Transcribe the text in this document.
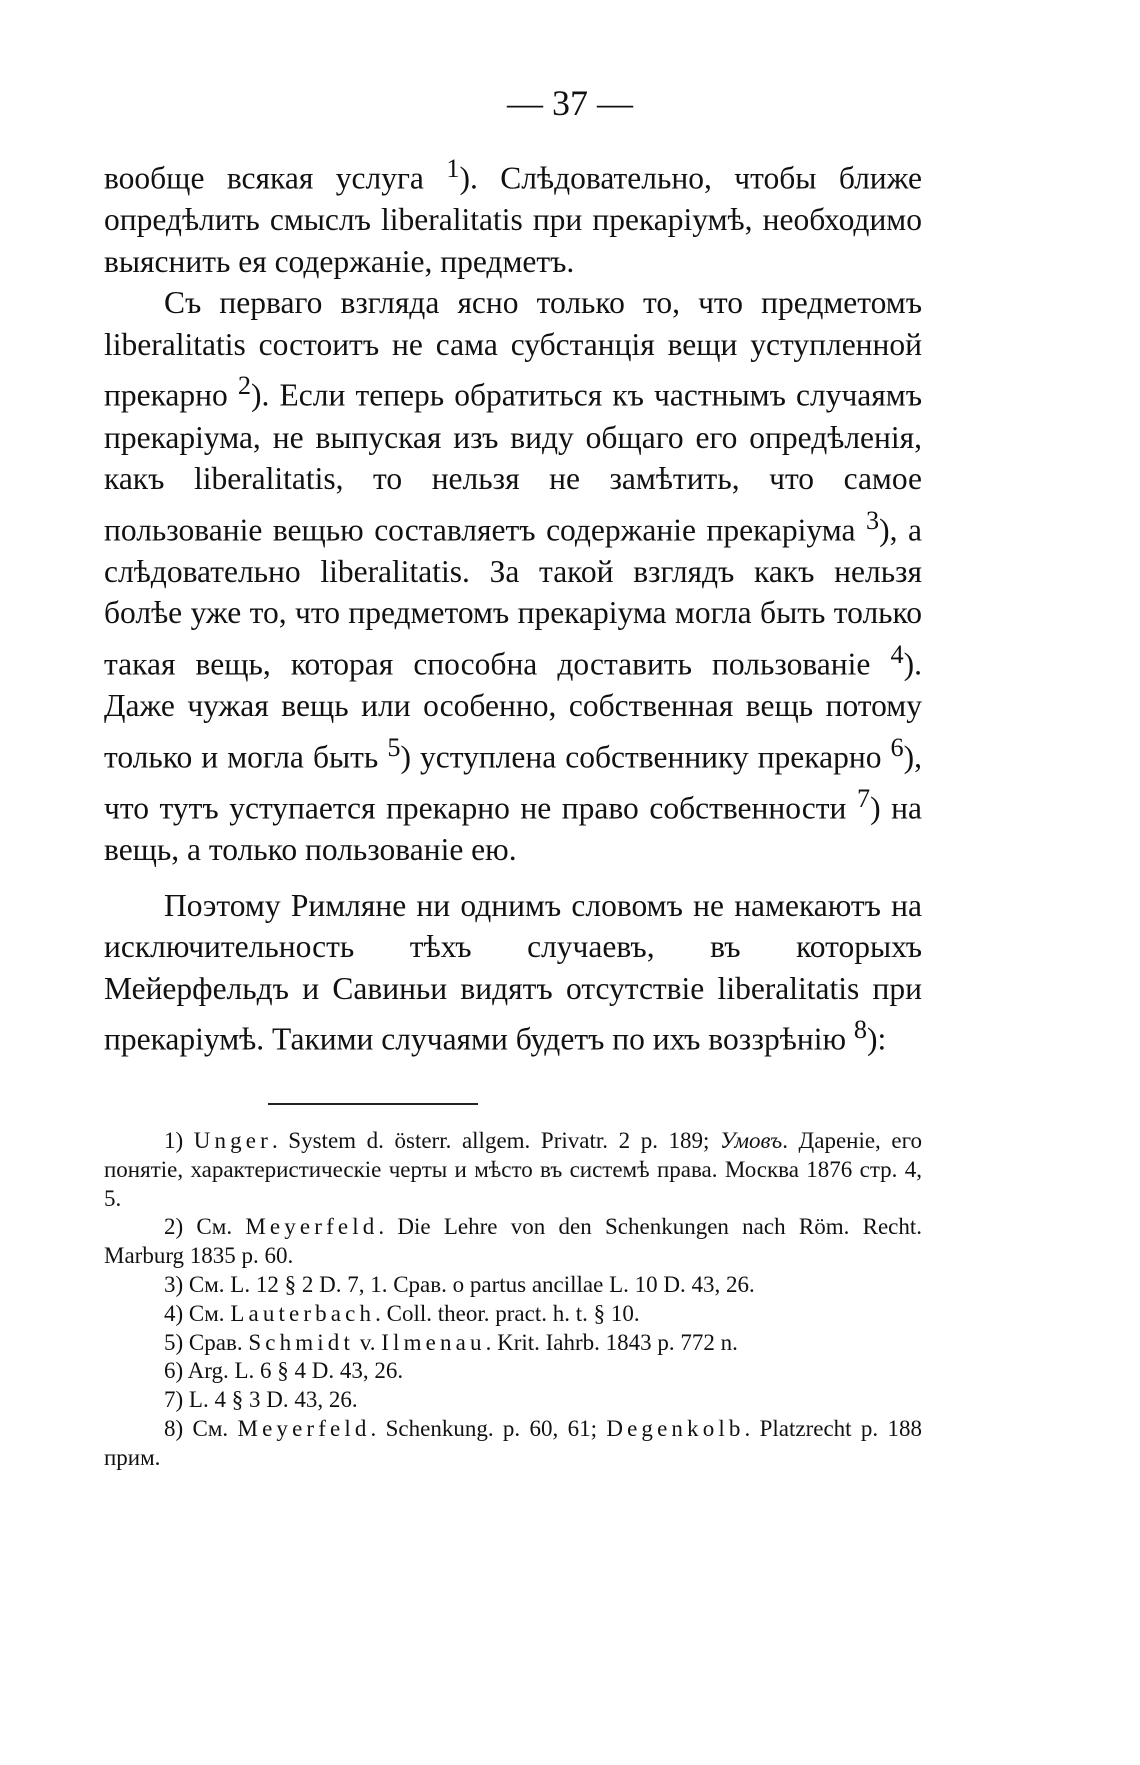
— 37 —

вообще всякая услуга $^1$). Слѣдовательно, чтобы ближе опредѣлить смыслъ liberalitatis при прекаріумѣ, необходимо выяснить ея содержаніе, предметъ.

Съ перваго взгляда ясно только то, что предметомъ liberalitatis состоитъ не сама субстанція вещи уступленной прекарно $^2$). Если теперь обратиться къ частнымъ случаямъ прекаріума, не выпуская изъ виду общаго его опредѣленія, какъ liberalitatis, то нельзя не замѣтить, что самое пользованіе вещью составляетъ содержаніе прекаріума $^3$), а слѣдовательно liberalitatis. За такой взглядъ какъ нельзя болѣе уже то, что предметомъ прекаріума могла быть только такая вещь, которая способна доставить пользованіе $^4$). Даже чужая вещь или особенно, собственная вещь потому только и могла быть $^5$) уступлена собственнику прекарно $^6$), что тутъ уступается прекарно не право собственности $^7$) на вещь, а только пользованіе ею.

Поэтому Римляне ни однимъ словомъ не намекаютъ на исключительность тѣхъ случаевъ, въ которыхъ Мейерфельдъ и Савиньи видятъ отсутствіе liberalitatis при прекаріумѣ. Такими случаями будетъ по ихъ воззрѣнію $^8$):

1) Unger. System d. österr. allgem. Privatr. 2 p. 189; Умовъ. Дареніе, его понятіе, характеристическіе черты и мѣсто въ системѣ права. Москва 1876 стр. 4, 5.

2) См. Meyerfeld. Die Lehre von den Schenkungen nach Röm. Recht. Marburg 1835 p. 60.

3) См. L. 12 § 2 D. 7, 1. Срав. o partus ancillae L. 10 D. 43, 26.

4) См. Lauterbach. Coll. theor. pract. h. t. § 10.

5) Срав. Schmidt v. Ilmenau. Krit. Iahrb. 1843 p. 772 n.

6) Arg. L. 6 § 4 D. 43, 26.

7) L. 4 § 3 D. 43, 26.

8) См. Meyerfeld. Schenkung. p. 60, 61; Degenkolb. Platzrecht p. 188 прим.
